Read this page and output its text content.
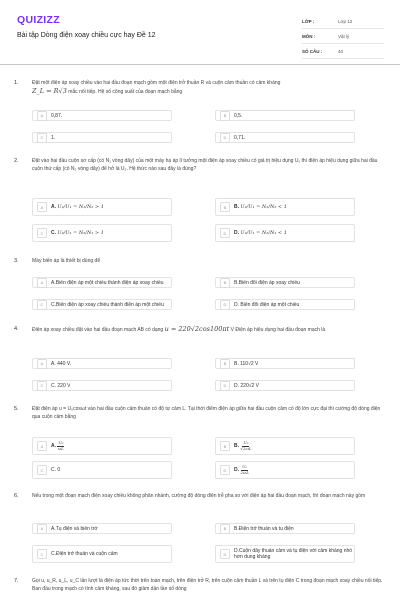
QUIZIZZ
Bài tập Dòng điện xoay chiều cực hay Đề 12
LỚP :	Lớp 12
MÔN :	Vật lý
SỐ CÂU :	40
1.	Đặt một điện áp xoay chiều vào hai đầu đoạn mạch gồm một điện trở thuần R và cuộn cảm thuần có cảm kháng
Z_L = R√3 mắc nối tiếp. Hệ số công suất của đoạn mạch bằng
A	0,87.	B	0,5.
C	1.	D	0,71.
2.	Đặt vào hai đầu cuộn sơ cấp (có N₁ vòng dây) của một máy hạ áp lí tưởng một điện áp xoay chiều có giá trị hiệu dụng U₁ thì điện áp hiệu dụng giữa hai đầu cuộn thứ cấp (có N₂ vòng dây) để hở là U₂. Hệ thức nào sau đây là đúng?
A	A. U₂/U₁ = N₁/N₂ > 1	B	B. U₂/U₁ = N₁/N₂ < 1
C	C. U₂/U₁ = N₂/N₁ > 1	D	D. U₂/U₁ = N₂/N₁ < 1
3.	Máy biến áp là thiết bị dùng để
A	A.Biến điện áp một chiều thành điện áp xoay chiều	B	B.Biến đổi điện áp xoay chiều
C	C.Biến điện áp xoay chiều thành điện áp một chiều	D	D. Biến đổi điện áp một chiều
4.	Điện áp xoay chiều đặt vào hai đầu đoạn mạch AB có dạng u = 220√2cos100πt V Điện áp hiệu dụng hai đầu đoạn mạch là
A	A. 440 V.	B	B. 110√2 V
C	C. 220 V	D	D. 220√2 V
5.	Đặt điện áp u = U₀cosωt vào hai đầu cuộn cảm thuần có độ tự cảm L. Tại thời điểm điện áp giữa hai đầu cuộn cảm có độ lớn cực đại thì cường độ dòng điện qua cuộn cảm bằng
A	A. $\frac{\text{U₀}}{\omega L}$	B	B. $\frac{\text{U₀}}{√2\omega L}$
C	C. 0	D	D. $\frac{\text{U₀}}{2\omega L}$
6.	Nếu trong một đoạn mạch điện xoay chiều không phân nhánh, cường độ dòng điện trễ pha so với điện áp hai đầu đoạn mạch, thì đoạn mạch này gồm
A	A.Tụ điện và biến trở	B	B.Điện trở thuần và tụ điện
C	C.Điện trở thuần và cuộn cảm	D
D.Cuộn dây thuần cảm và tụ điện với cảm kháng nhỏ hơn dung kháng
7.	Gọi u, u_R, u_L, u_C lần lượt là điện áp tức thời trên toàn mạch, trên điện trở R, trên cuộn cảm thuần L và trên tụ điện C trong đoạn mạch xoay chiều nối tiếp. Ban đầu trong mạch có tính cảm kháng, sau đó giảm dần tần số dòng
